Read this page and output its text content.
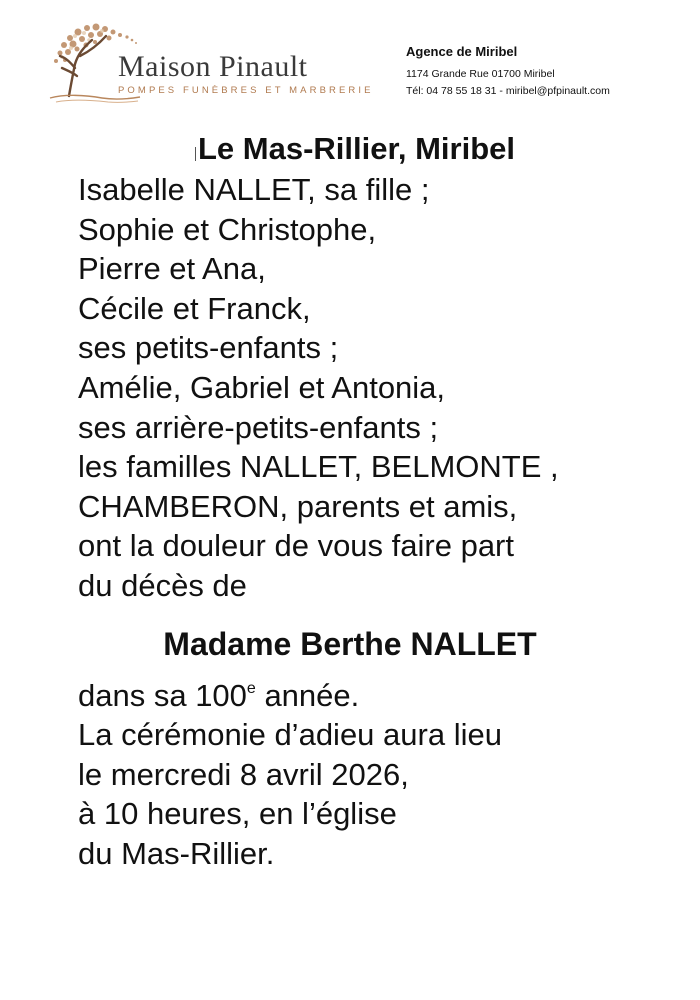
Maison Pinault
POMPES FUNÈBRES ET MARBRERIE
Agence de Miribel
1174 Grande Rue 01700 Miribel
Tél: 04 78 55 18 31 - miribel@pfpinault.com
Le Mas-Rillier, Miribel
Isabelle NALLET, sa fille ;
Sophie et Christophe,
Pierre et Ana,
Cécile et Franck,
ses petits-enfants ;
Amélie, Gabriel et Antonia,
ses arrière-petits-enfants ;
les familles NALLET, BELMONTE ,
CHAMBERON, parents et amis,
ont la douleur de vous faire part
du décès de
Madame Berthe NALLET
dans sa 100e année.
La cérémonie d’adieu aura lieu
le mercredi 8 avril 2026,
à 10 heures, en l’église
du Mas-Rillier.
